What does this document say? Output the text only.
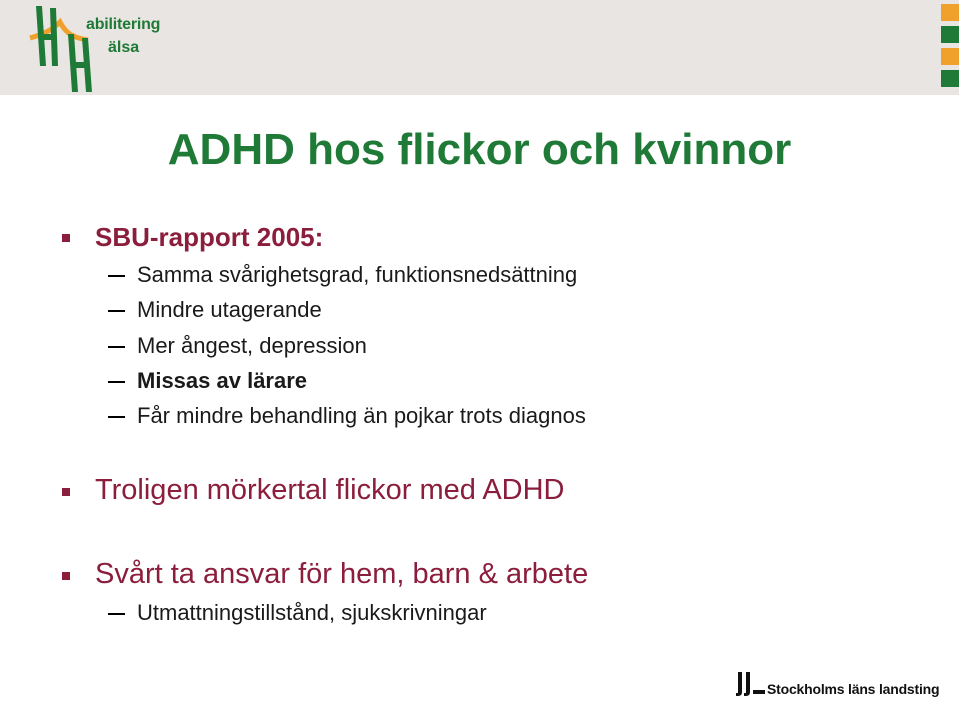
abilitering
älsa
ADHD hos flickor och kvinnor
SBU-rapport 2005:
Samma svårighetsgrad, funktionsnedsättning
Mindre utagerande
Mer ångest, depression
Missas av lärare
Får mindre behandling än pojkar trots diagnos
Troligen mörkertal flickor med ADHD
Svårt ta ansvar för hem, barn & arbete
Utmattningstillstånd, sjukskrivningar
Stockholms läns landsting
